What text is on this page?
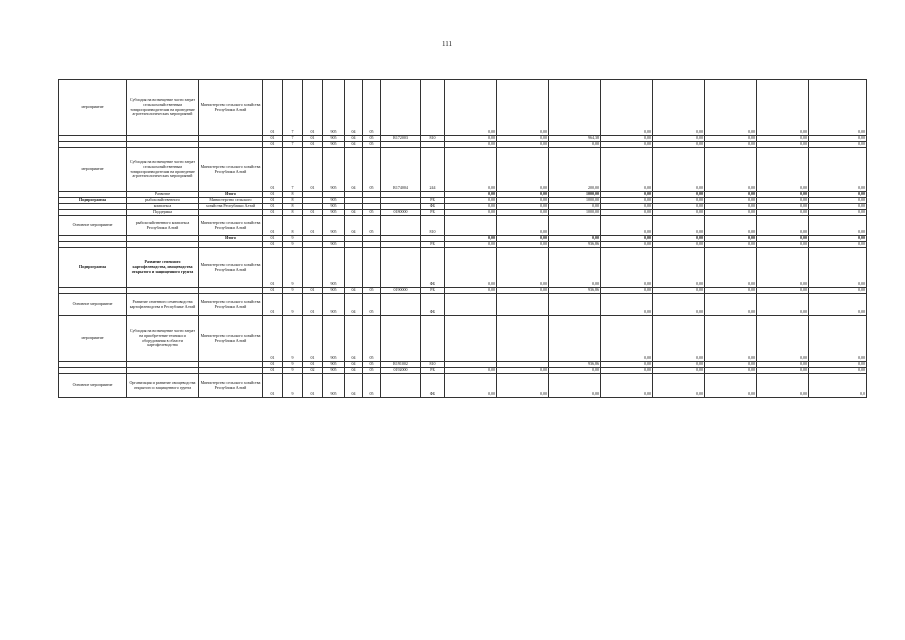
111
мероприятие	Субсидия на возмещение части затрат сельскохозяйственным товаропроизводителям на проведение агротехнологических мероприятий	Министерство сельского хозяйства Республики Алтай	01	7	01	905	04	05			0,00	0,00		0,00	0,00	0,00	0,00	0,00
			01	7	01	905	04	05	R172003	810	0,00	0,00	964,38	0,00	0,00	0,00	0,00	0,00
			01	7	01	905	04	05			0,00	0,00	0,00	0,00	0,00	0,00	0,00	0,00
мероприятие	Субсидия на возмещение части затрат сельскохозяйственным товаропроизводителям на проведение агротехнологических мероприятий	Министерство сельского хозяйства Республики Алтай	01	7	01	905	04	05	R174004	244	0,00	0,00	200,00	0,00	0,00	0,00	0,00	0,00
	Развитие	Итого	01	8							0,00	0,00	1000,00	0,00	0,00	0,00	0,00	0,00
Подпрограмма	рыбохозяйственного	Министерство сельского	01	8		905				РБ	0,00	0,00	1000,00	0,00	0,00	0,00	0,00	0,00
	комплекса	хозяйства Республики Алтай	01	8		905				ФБ	0,00	0,00	0,00	0,00	0,00	0,00	0,00	0,00
	Поддержка		01	8	01	905	04	05	0180000	РБ	0,00	0,00	1000,00	0,00	0,00	0,00	0,00	0,00
Основное мероприятие	рыбохозяйственного комплекса Республики Алтай	Министерство сельского хозяйства Республики Алтай	01	8	01	905	04	05		810		0,00		0,00	0,00	0,00	0,00	0,00
		Итого	01	9							0,00	0,00	0,00	0,00	0,00	0,00	0,00	0,00
			01	9		905				РБ	0,00	0,00	936,86	0,00	0,00	0,00	0,00	0,00
Подпрограмма	Развитие семенного картофелеводства, овощеводства открытого и защищенного грунта	Министерство сельского хозяйства Республики Алтай	01	9		905				ФБ	0,00	0,00	0,00	0,00	0,00	0,00	0,00	0,00
			01	9	01	905	04	05	0190000	РБ	0,00	0,00	936,86	0,00	0,00	0,00	0,00	0,00
Основное мероприятие	Развитие семенного семеноводства картофелеводства в Республике Алтай	Министерство сельского хозяйства Республики Алтай	01	9	01	905	04	05		ФБ				0,00	0,00	0,00	0,00	0,00
мероприятие	Субсидия на возмещение части затрат на приобретение техники и оборудования в области картофелеводства	Министерство сельского хозяйства Республики Алтай	01	9	01	905	04	05						0,00	0,00	0,00	0,00	0,00
			01	9	01	905	04	05	R191002	810			936,86	0,00	0,00	0,00	0,00	0,00
			01	9	02	905	04	05	0192000	РБ	0,00	0,00	0,00	0,00	0,00	0,00	0,00	0,00
Основное мероприятие	Организация и развитие овощеводства открытого и защищенного грунта	Министерство сельского хозяйства Республики Алтай	01	9	01	905	04	05		ФБ	0,00	0,00	0,00	0,00	0,00	0,00	0,00	0,0
